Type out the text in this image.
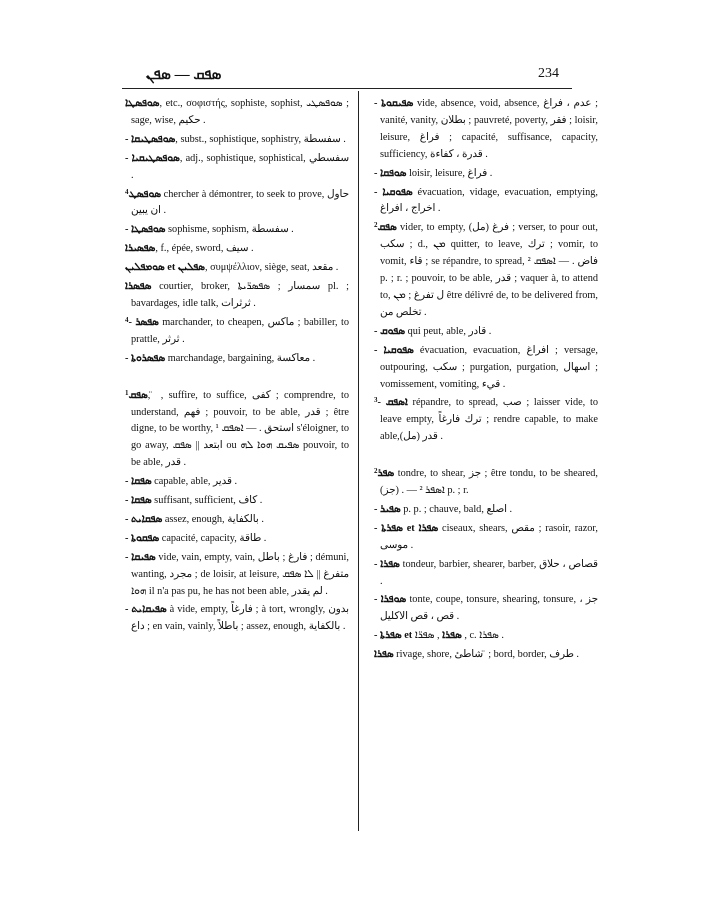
ܣܦܩ — ܣܦܢ	234
ܣܘܦܣܛܐ, etc., σοφιστής, sophiste, sophist, ܣܘܦܣܛܝ ; sage, wise, حكيم .
- ܣܘܦܣܛܝܩܐ, subst., sophistique, sophistry, سفسطة .
- ܣܘܦܣܛܝܩܝܐ, adj., sophistique, sophistical, سفسطي .
$^4$ܣܘܦܣܛ chercher à démontrer, to seek to prove, حاول ان يبين .
- ܣܘܦܣܛܐ sophisme, sophism, سفسطة .
ܣܦܣܝܪܐ, f., épée, sword, سيف .
ܣܘܡܦܠܝܢ et ܣܦܠܝܢ, συμψέλλιον, siège, seat, مقعد .
ܣܦܣܪܐ courtier, broker, سمسار ; ܣܦܣܪ̈ܝܬܐ pl. ; bavardages, idle talk, ثرثرات .
$^4$- ܣܦܣܪ marchander, to cheapen, ماكس ; babiller, to prattle, ثرثر .
- ܣܦܣܪܘܬܐ marchandage, bargaining, معاكسة .
$^1$ܣܦܩ, ̈ , suffire, to suffice, كفى ; comprendre, to understand, فهم ; pouvoir, to be able, قدر ; être digne, to be worthy, استحق . — ܐܣܦܩ ¹ s'éloigner, to go away, ابتعد || ܣܦܩ ou ܣܦܝܩ ܗܘܐ ܠܗ pouvoir, to be able, قدر .
- ܣܦܩܐ capable, able, قدير .
- ܣܦܩܐ suffisant, sufficient, كاف .
- ܣܦܩܐܝܬ assez, enough, بالكفاية .
- ܣܦܩܘܬܐ capacité, capacity, طاقة .
- ܣܦܝܩܐ vide, vain, empty, vain, فارغ ; باطل ; démuni, wanting, مجرد ; de loisir, at leisure, متفرغ || ܠܐ ܣܦܩ ܗܘܐ il n'a pas pu, he has not been able, لم يقدر .
- ܣܦܝܩܐܝܬ à vide, empty, فارغاً ; à tort, wrongly, بدون داع ; en vain, vainly, باطلاً ; assez, enough, بالكفاية .
- ܣܦܝܩܘܬܐ vide, absence, void, absence, عدم ، فراغ ; vanité, vanity, بطلان ; pauvreté, poverty, فقر ; loisir, leisure, فراغ ; capacité, suffisance, capacity, sufficiency, قدرة ، كفاءة .
- ܣܘܦܩܐ loisir, leisure, فراغ .
- ܣܦܘܩܝܐ évacuation, vidage, evacuation, emptying, اخراج ، افراغ .
$^2$ܣܦܩ vider, to empty, (مل) فرغ ; verser, to pour out, سكب ; d., ܡܢ quitter, to leave, ترك ; vomir, to vomit, قاء ; se répandre, to spread, فاض . — ܐܣܦܩ ² p. ; r. ; pouvoir, to be able, قدر ; vaquer à, to attend to, ل تفرغ ; ܡܢ être délivré de, to be delivered from, تخلص من .
- ܣܦܘܩ qui peut, able, قادر .
- ܣܦܘܩܝܐ évacuation, evacuation, افراغ ; versage, outpouring, سكب ; purgation, purgation, اسهال ; vomissement, vomiting, قيء .
$^3$- ܐܣܦܩ répandre, to spread, صب ; laisser vide, to leave empty, ترك فارغاً ; rendre capable, to make able,(مل) قدر .
$^2$ܣܦܪ tondre, to shear, جز ; être tondu, to be sheared, (جز) . — ܐܣܦܪ ² p. ; r.
- ܣܦܝܪ p. p. ; chauve, bald, اصلع .
- ܣܦܪܬܐ et ܣܦܪܐ ciseaux, shears, مقص ; rasoir, razor, موسى .
- ܣܦܪܐ tondeur, barbier, shearer, barber, قصاص ، حلاق .
- ܣܘܦܪܐ tonte, coupe, tonsure, shearing, tonsure, جز ، قص ، قص الاكليل .
- ܣܦܪܬܐ et ܣܦܪܐ , ܣܦܪ̈ܐ , c. ܣܦܪܐ .
ܣܦܪܐ rivage, shore, شاطئ ̈ ; bord, border, طرف .
